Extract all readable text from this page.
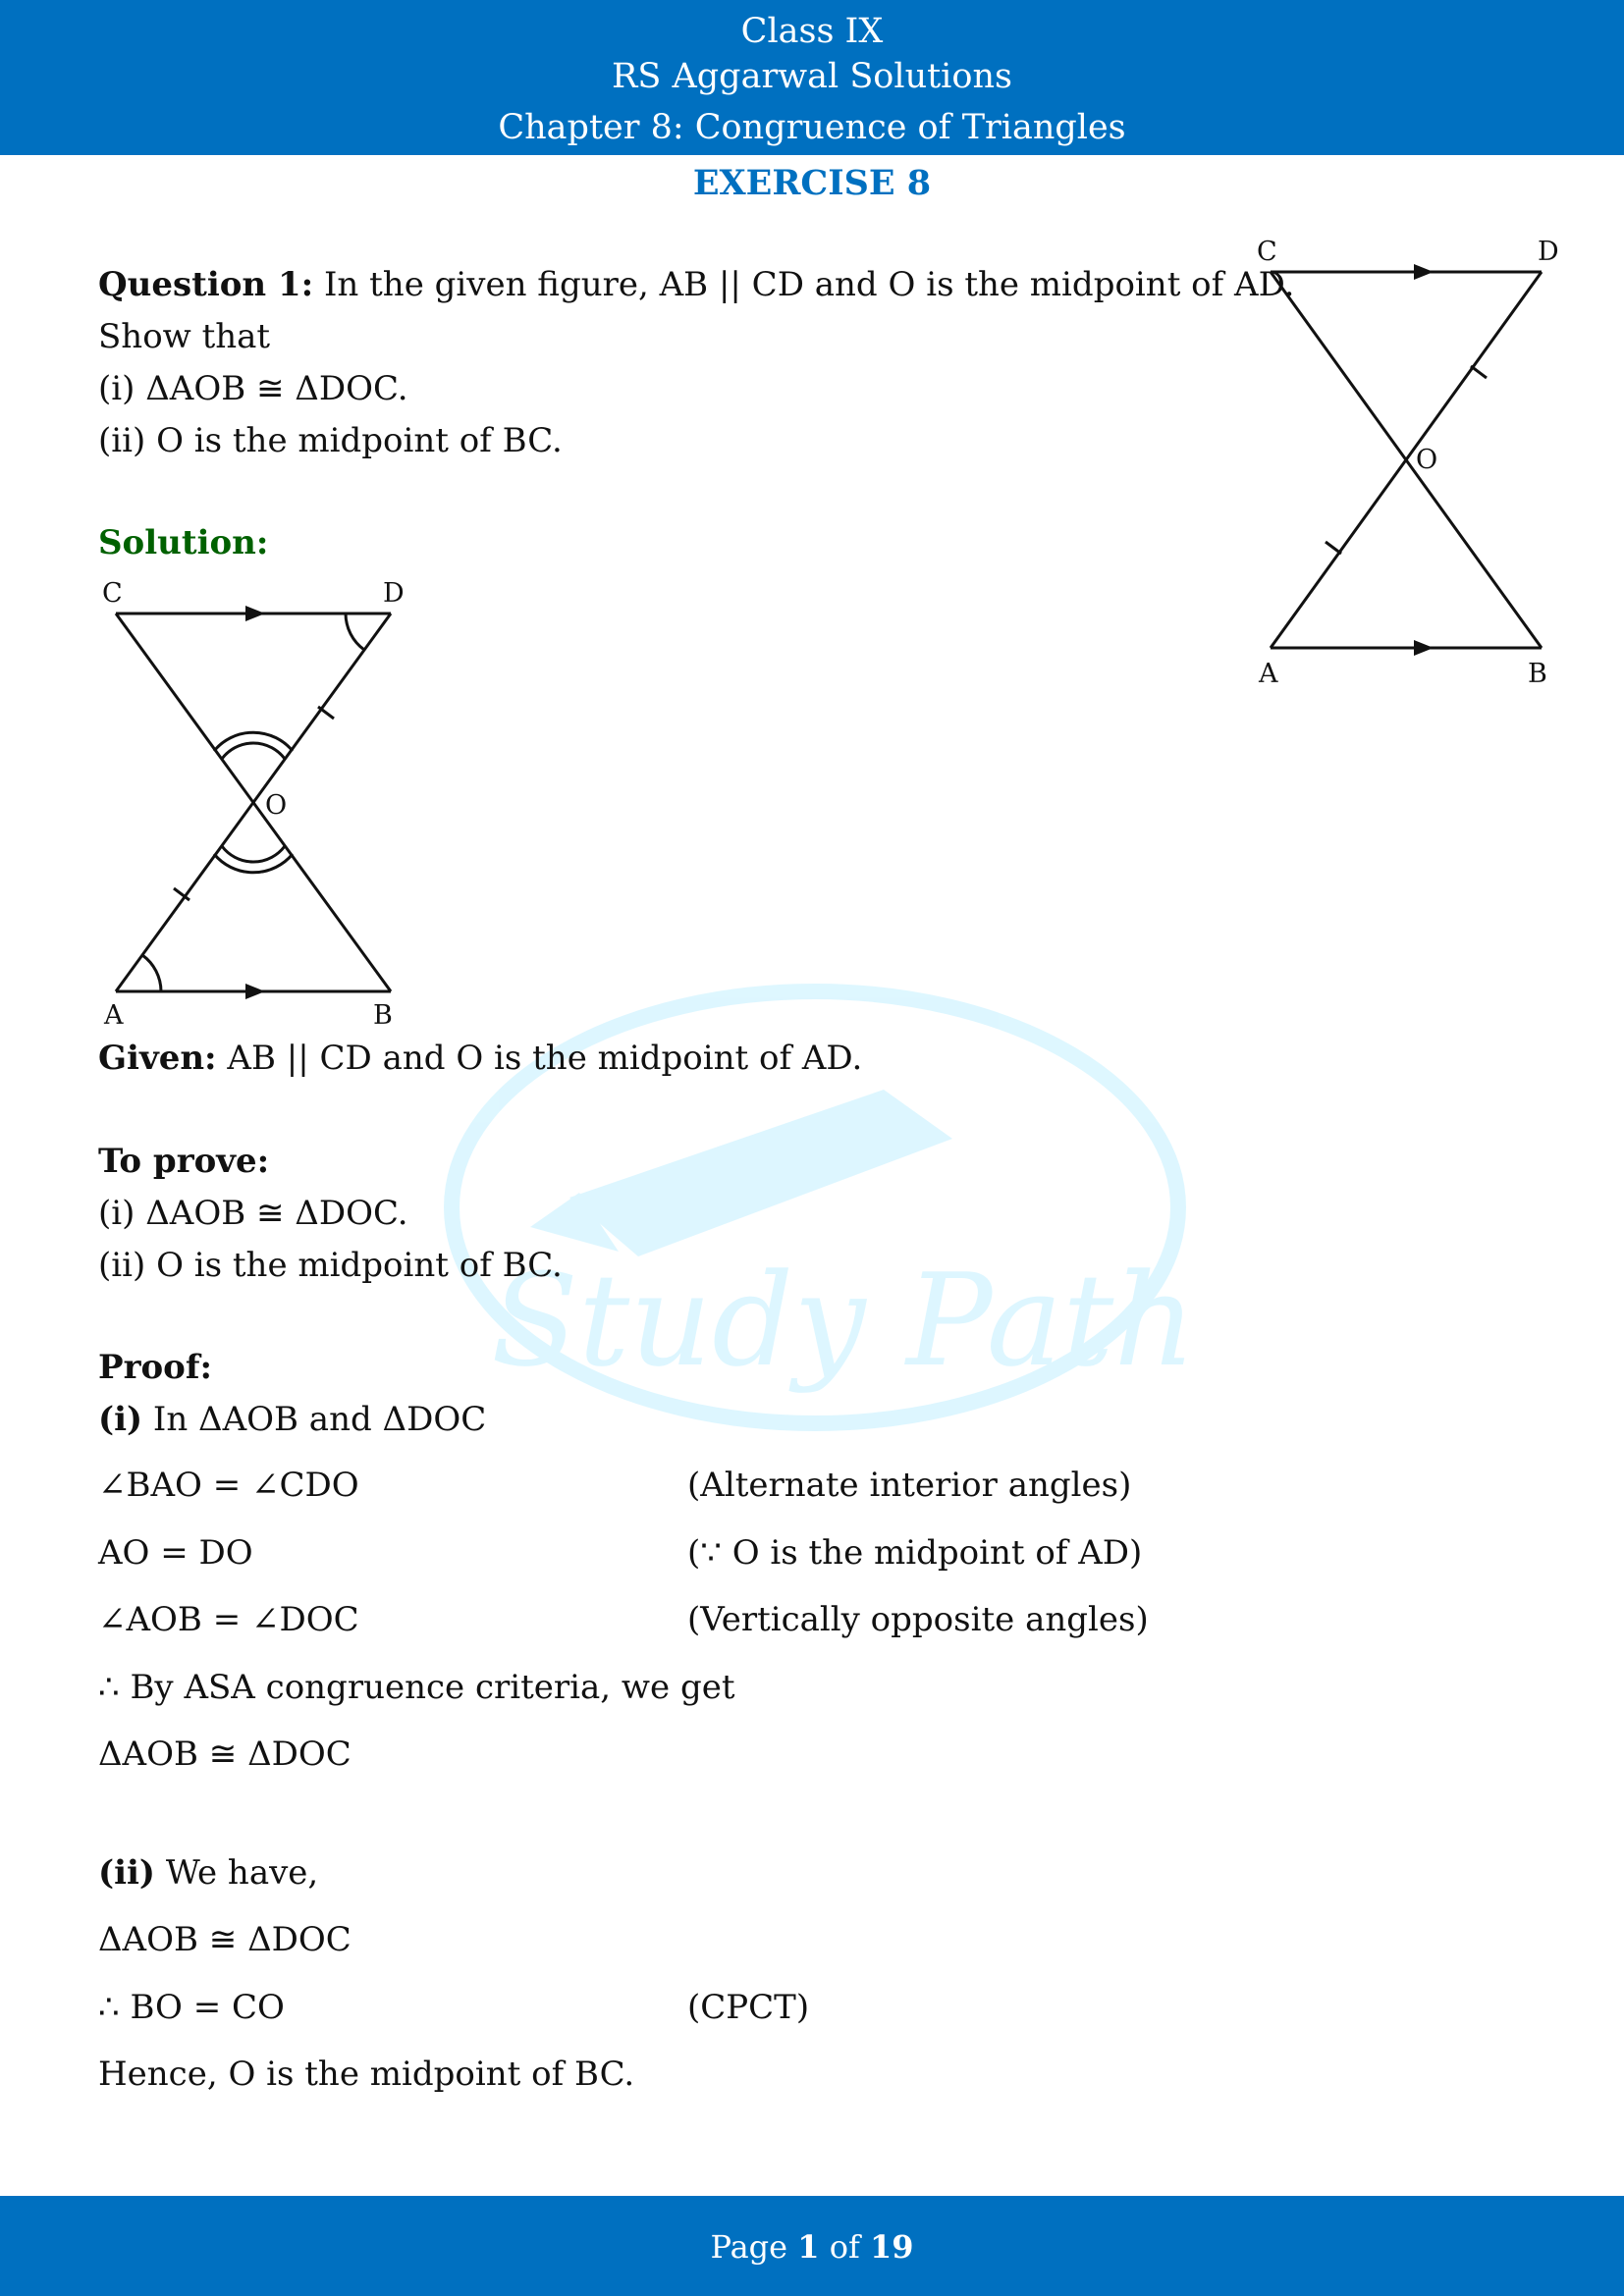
Class IX
RS Aggarwal Solutions
Chapter 8: Congruence of Triangles
EXERCISE 8
Study Path
Question 1: In the given figure, AB || CD and O is the midpoint of AD.
Show that
(i) ΔAOB ≅ ΔDOC.
(ii) O is the midpoint of BC.
C	D
O
A	B
Solution:
C	D
O
A	B
Given: AB || CD and O is the midpoint of AD.
To prove:
(i) ΔAOB ≅ ΔDOC.
(ii) O is the midpoint of BC.
Proof:
(i) In ΔAOB and ΔDOC
∠BAO = ∠CDO	(Alternate interior angles)
AO = DO	(∵ O is the midpoint of AD)
∠AOB = ∠DOC	(Vertically opposite angles)
∴ By ASA congruence criteria, we get
ΔAOB ≅ ΔDOC
(ii) We have,
ΔAOB ≅ ΔDOC
∴ BO = CO	(CPCT)
Hence, O is the midpoint of BC.
Page 1 of 19
